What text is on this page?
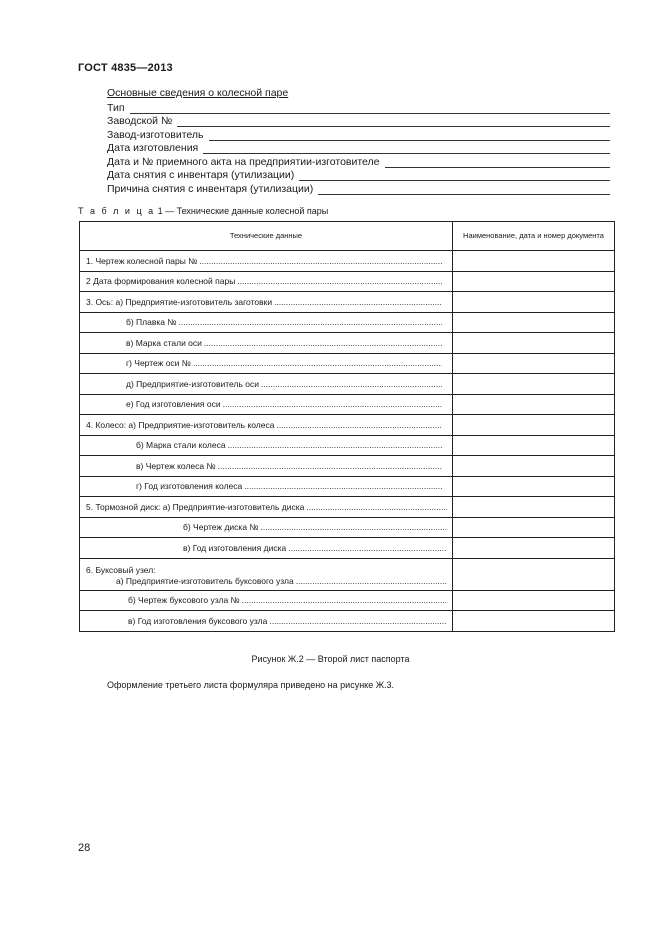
ГОСТ 4835—2013
Основные сведения о колесной паре
Тип
Заводской №
Завод-изготовитель
Дата изготовления
Дата и № приемного акта на предприятии-изготовителе
Дата снятия с инвентаря (утилизации)
Причина снятия с инвентаря (утилизации)
Т а б л и ц а 1 — Технические данные колесной пары
Технические данные	Наименование, дата и номер документа

1. Чертеж колесной пары №
.....

2 Дата формирования колесной пары
.....

3. Ось: а) Предприятие-изготовитель заготовки
.....

б) Плавка №
.....

в) Марка стали оси
.....

г) Чертеж оси №
.....

д) Предприятие-изготовитель оси
.....

е) Год изготовления оси
.....

4. Колесо: а) Предприятие-изготовитель колеса
.....

б) Марка стали колеса
.....

в) Чертеж колеса №
.....

г) Год изготовления колеса
.....

5. Тормозной диск: а) Предприятие-изготовитель диска
.....

б) Чертеж диска №
.....

в) Год изготовления диска
.....

6. Буксовый узел:
а) Предприятие-изготовитель буксового узла
.....

б) Чертеж буксового узла №
.....

в) Год изготовления буксового узла
.....

Рисунок Ж.2 — Второй лист паспорта
Оформление третьего листа формуляра приведено на рисунке Ж.3.
28
